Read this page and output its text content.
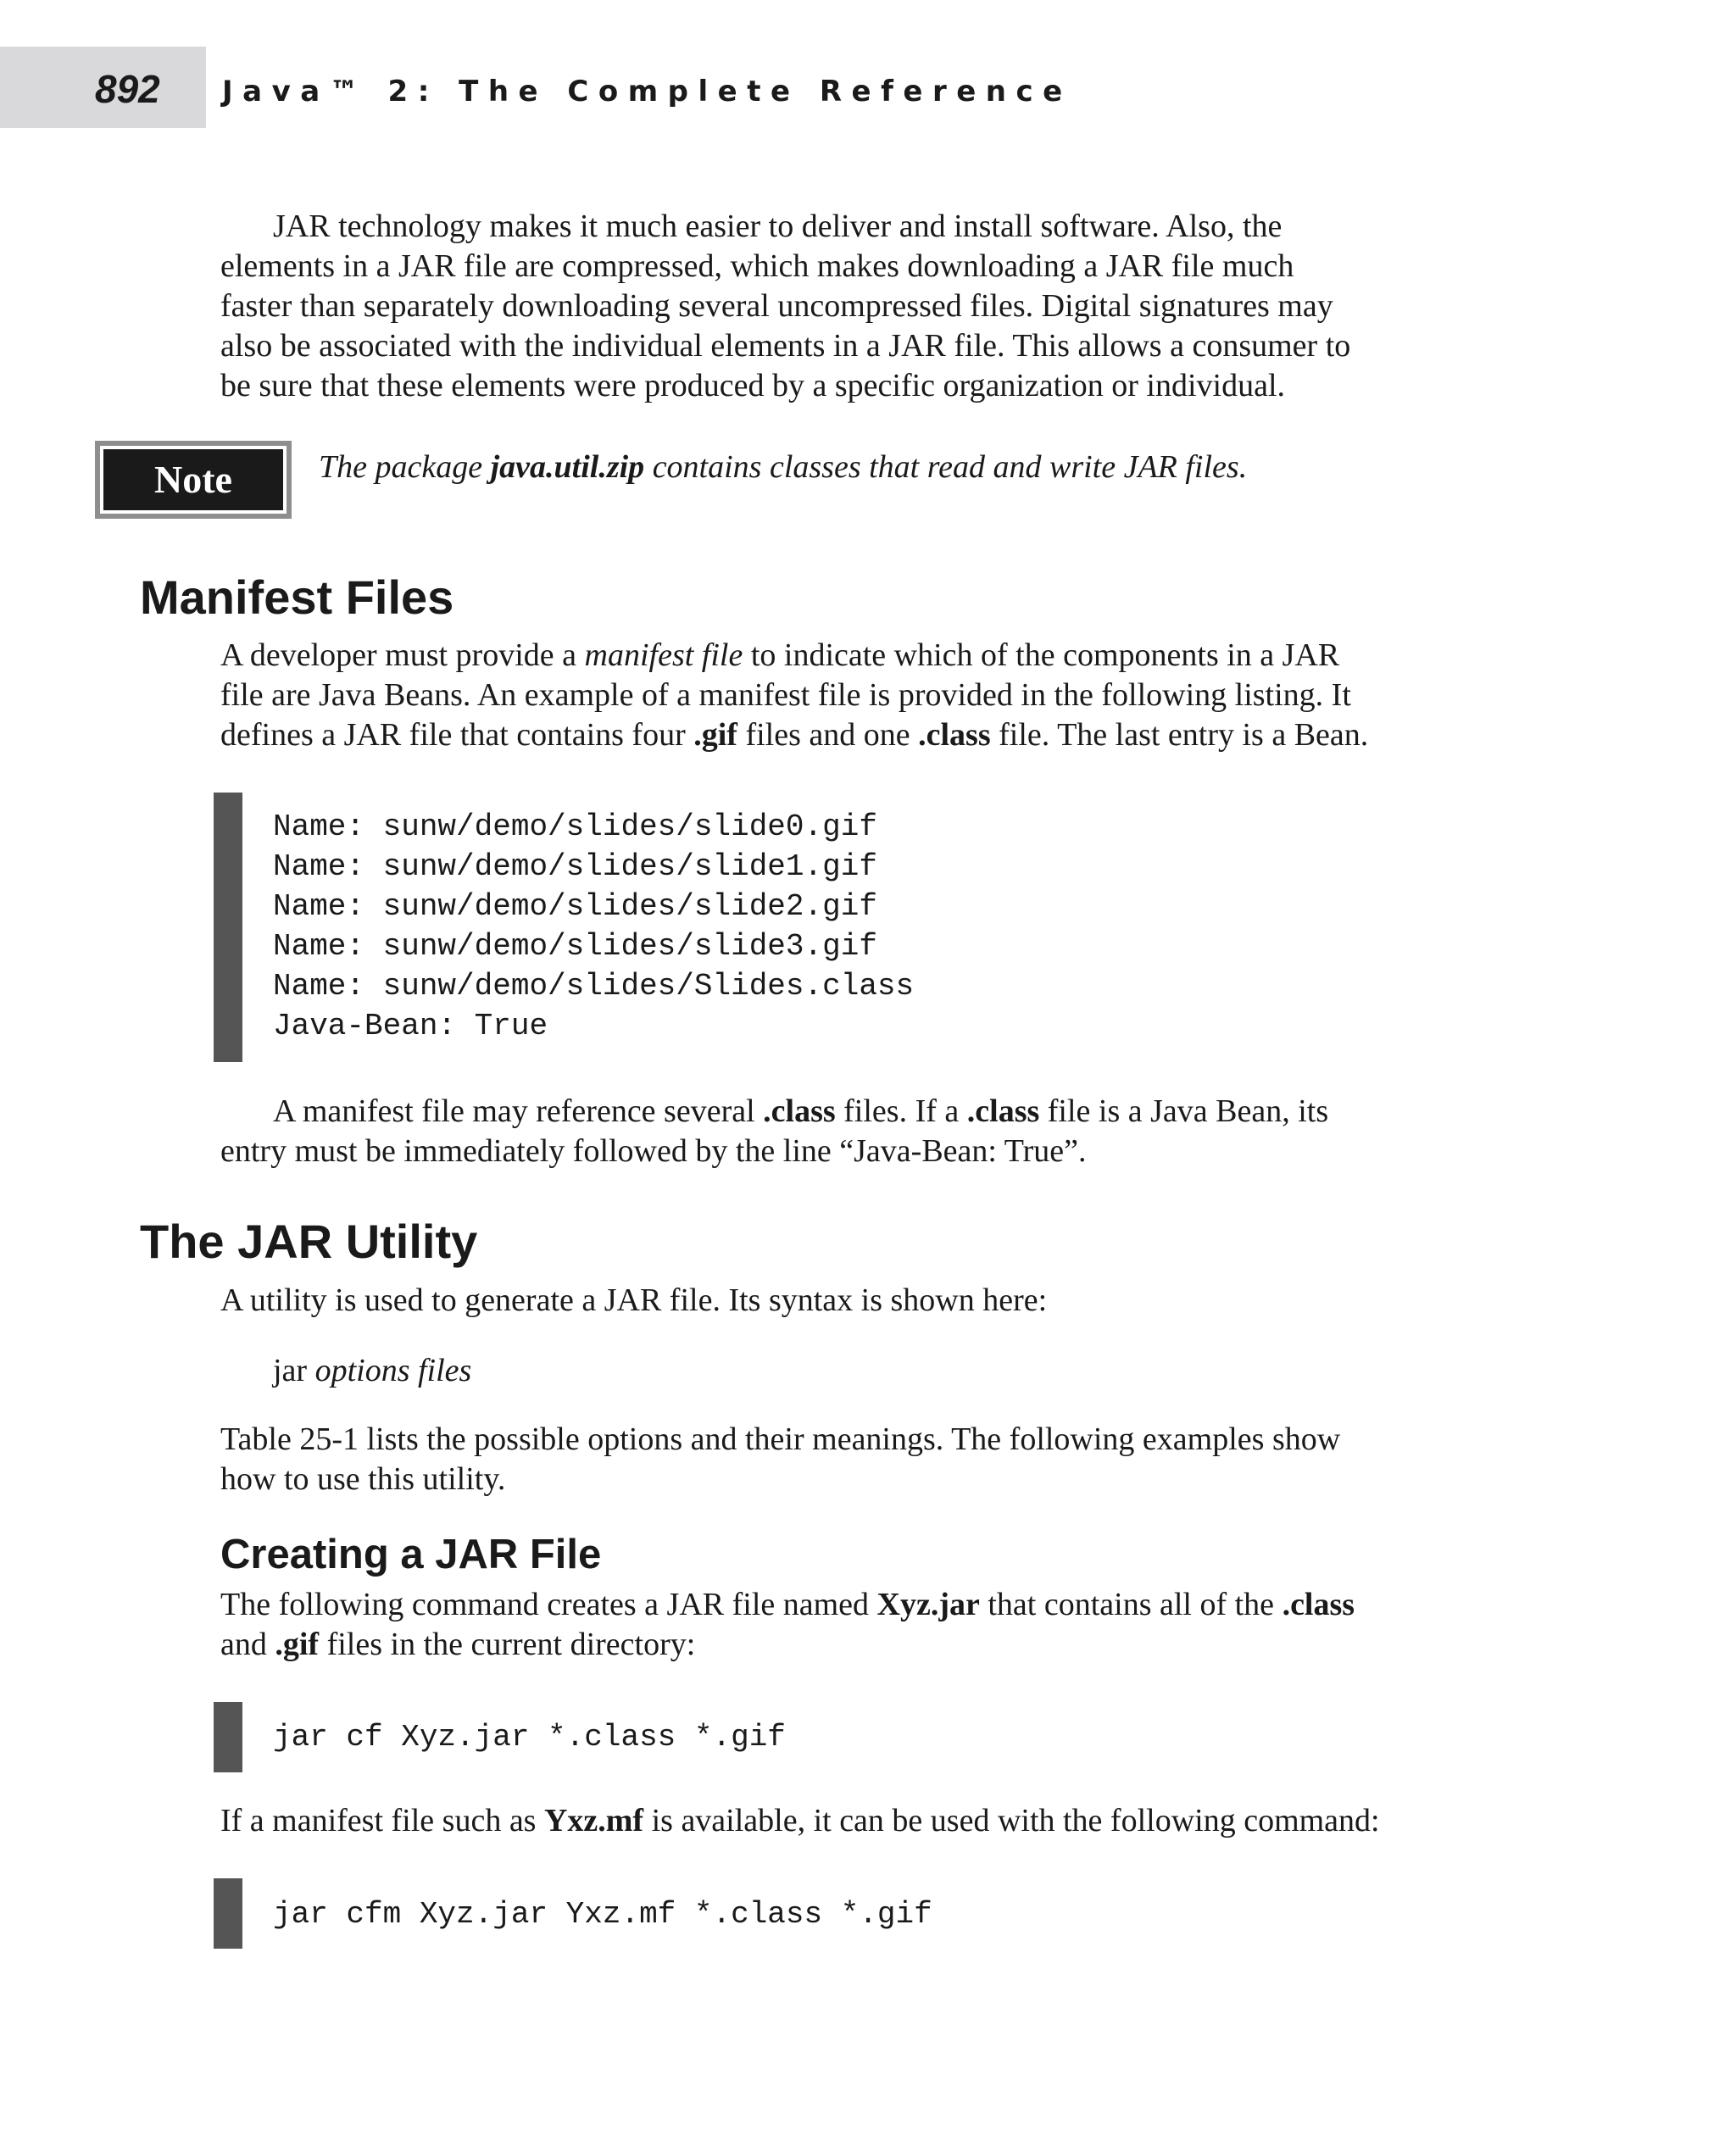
892 Java™ 2: The Complete Reference

JAR technology makes it much easier to deliver and install software. Also, the

elements in a JAR file are compressed, which makes downloading a JAR file much

faster than separately downloading several uncompressed files. Digital signatures may

also be associated with the individual elements in a JAR file. This allows a consumer to

be sure that these elements were produced by a specific organization or individual.

Note	The package java.util.zip contains classes that read and write JAR files.

Manifest Files

A developer must provide a manifest file to indicate which of the components in a JAR

file are Java Beans. An example of a manifest file is provided in the following listing. It

defines a JAR file that contains four .gif files and one .class file. The last entry is a Bean.

Name: sunw/demo/slides/slide0.gif
Name: sunw/demo/slides/slide1.gif
Name: sunw/demo/slides/slide2.gif
Name: sunw/demo/slides/slide3.gif
Name: sunw/demo/slides/Slides.class
Java-Bean: True

A manifest file may reference several .class files. If a .class file is a Java Bean, its

entry must be immediately followed by the line “Java-Bean: True”.

The JAR Utility

A utility is used to generate a JAR file. Its syntax is shown here:

jar options files

Table 25-1 lists the possible options and their meanings. The following examples show

how to use this utility.

Creating a JAR File

The following command creates a JAR file named Xyz.jar that contains all of the .class

and .gif files in the current directory:

jar cf Xyz.jar *.class *.gif

If a manifest file such as Yxz.mf is available, it can be used with the following command:

jar cfm Xyz.jar Yxz.mf *.class *.gif
